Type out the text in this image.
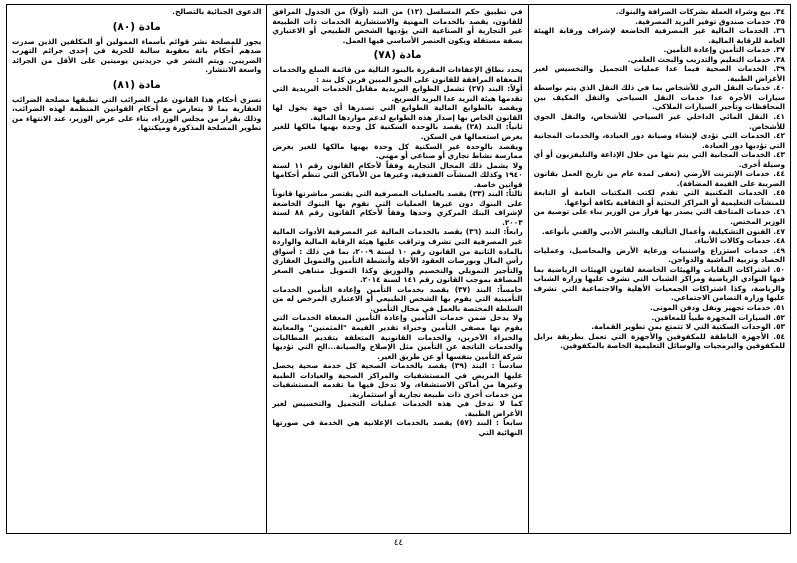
٣٤. بيع وشراء العملة بشركات الصرافة والبنوك.

٣٥. خدمات صندوق توفير البريد المصرفية.

٣٦. الخدمات المالية غير المصرفية الخاضعة لإشراف ورقابة الهيئة العامة للرقابة المالية.

٣٧. خدمات التأمين وإعادة التأمين.

٣٨. خدمات التعليم والتدريب والبحث العلمي.

٣٩. الخدمات الصحية فيما عدا عمليات التجميل والتخسيس لغير الأغراض الطبية.

٤٠. خدمات النقل البري للأشخاص بما في ذلك النقل الذي يتم بواسطة سيارات الأجرة عدا خدمات النقل السياحي والنقل المكيف بين المحافظات وتأجير السيارات الملاكي.

٤١. النقل المائي الداخلي غير السياحي للأشخاص، والنقل الجوي للأشخاص.

٤٢. الخدمات التي تؤدى لإنشاء وصيانة دور العبادة، والخدمات المجانية التي تؤديها دور العبادة.

٤٣. الخدمات المجانية التي يتم بثها من خلال الإذاعة والتليفزيون أو أي وسيلة أخرى.

٤٤. خدمات الإنترنت الأرضي (تعفى لمدة عام من تاريخ العمل بقانون الضريبة على القيمة المضافة).

٤٥. الخدمات المكتبية التي تقدم لكتب المكتبات العامة أو التابعة للمنشآت التعليمية أو المراكز البحثية أو الثقافية بكافة أنواعها.

٤٦. خدمات المتاحف التي يصدر بها قرار من الوزير بناء على توصية من الوزير المختص.

٤٧. الفنون التشكيلية، وأعمال التأليف والنشر الأدبي والفني بأنواعه.

٤٨. خدمات وكالات الأنباء.

٤٩. خدمات استزراع واستنبات ورعاية الأرض والمحاصيل، وعمليات الحصاد وتربية الماشية والدواجن.

٥٠. اشتراكات النقابات والهيئات الخاضعة لقانون الهيئات الرياضية بما فيها النوادي الرياضية ومراكز الشباب التي تشرف عليها وزارة الشباب والرياضة، وكذا اشتراكات الجمعيات الأهلية والاجتماعية التي تشرف عليها وزارة التضامن الاجتماعي.

٥١. خدمات تجهيز ونقل ودفن الموتى.

٥٢. السيارات المجهزة طبياً للمعاقين.

٥٣. الوحدات السكنية التي لا تتمتع بمن تطوير القمامة.

٥٤. الأجهزة الناطقة للمكفوفين والأجهزة التي تعمل بطريقة برايل للمكفوفين والبرمجيات والوسائل التعليمية الخاصة بالمكفوفين.

في تطبيق حكم المسلسل (١٢) من البند (أولاً) من الجدول المرافق للقانون، يقصد بالخدمات المهنية والاستشارية الخدمات ذات الطبيعة غير التجارية أو الصناعية التي يؤديها الشخص الطبيعي أو الاعتباري بصفة مستقلة ويكون العنصر الأساسي فيها العمل.

مادة (٧٨)

يحدد نطاق الإعفاءات المقررة بالبنود التالية من قائمة السلع والخدمات المعفاة المرافقة للقانون على النحو المبين قرين كل بند :

أولاً: البند (٢٧) تشمل الطوابع البريدية مقابل الخدمات البريدية التي تقدمها هيئة البريد عدا البريد السريع.

ويقصد بالطوابع المالية الطوابع التي تصدرها أي جهة يخول لها القانون الخاص بها إصدار هذه الطوابع لدعم مواردها المالية.

ثانياً: البند (٢٨) يقصد بالوحدة السكنية كل وحدة يهبها مالكها للغير بغرض استعمالها في السكن.

ويقصد بالوحدة غير السكنية كل وحدة يهبها مالكها للغير بغرض ممارسة نشاط تجاري أو صناعي أو مهني.

ولا يشمل ذلك المحال التجارية وفقاً لأحكام القانون رقم ١١ لسنة ١٩٤٠ وكذلك المنشآت الفندقية، وغيرها من الأماكن التي تنظم أحكامها قوانين خاصة.

ثالثاً: البند (٣٣) يقصد بالعمليات المصرفية التي يقتصر مباشرتها قانوناً على البنوك دون غيرها العمليات التي تقوم بها البنوك الخاضعة لإشراف البنك المركزي وحدها وفقاً لأحكام القانون رقم ٨٨ لسنة ٢٠٠٣.

رابعاً: البند (٣٦) يقصد بالخدمات المالية غير المصرفية الأدوات المالية غير المصرفية التي تشرف وتراقب عليها هيئة الرقابة المالية والواردة بالمادة الثانية من القانون رقم ١٠ لسنة ٢٠٠٩، بما في ذلك : أسواق رأس المال وبورصات العقود الآجلة وأنشطة التأمين والتمويل العقاري والتأجير التمويلي والتخصيم والتوريق وكذا التمويل متناهي الصغر المضافة بموجب القانون رقم ١٤١ لسنة ٢٠١٤.

خامساً: البند (٣٧) يقصد بخدمات التأمين وإعادة التأمين الخدمات التأمينية التي يقوم بها الشخص الطبيعي أو الاعتباري المرخص له من السلطة المختصة بالعمل في مجال التأمين.

ولا يدخل ضمن خدمات التأمين وإعادة التأمين المعفاة الخدمات التي يقوم بها مصفي التأمين وخبراء تقدير القيمة "المثمنين" والمعاينة والخبراء الآخرين، والخدمات القانونية المتعلقة بتقديم المطالبات والخدمات الناتجة عن التأمين مثل الإصلاح والصيانة...الخ التي تؤديها شركة التأمين بنفسها أو عن طريق الغير.

سادساً : البند (٣٩) يقصد بالخدمات الصحية كل خدمة صحية يحصل عليها المريض في المستشفيات والمراكز الصحية والعيادات الطبية وغيرها من أماكن الاستشفاء، ولا تدخل فيها ما تقدمه المستشفيات من خدمات أخرى ذات طبيعة تجارية أو استثمارية.

كما لا تدخل في هذه الخدمات عمليات التجميل والتخسيس لغير الأغراض الطبية.

سابعاً : البند (٥٧) يقصد بالخدمات الإعلانية هي الخدمة في صورتها النهائية التي

الدعوى الجنائية بالتصالح.

مادة (٨٠)

يجوز للمصلحة نشر قوائم بأسماء الممولين أو المكلفين الذين صدرت ضدهم أحكام باتة بعقوبة سالبة للحرية في إحدى جرائم التهرب الضريبي. ويتم النشر في جريدتين يوميتين على الأقل من الجرائد واسعة الانتشار.

مادة (٨١)

تسري أحكام هذا القانون على الضرائب التي تطبقها مصلحة الضرائب العقارية بما لا يتعارض مع أحكام القوانين المنظمة لهذه الضرائب، وذلك بقرار من مجلس الوزراء، بناء على عرض الوزير، عند الانتهاء من تطوير المصلحة المذكورة وميكنتها.

٤٤
